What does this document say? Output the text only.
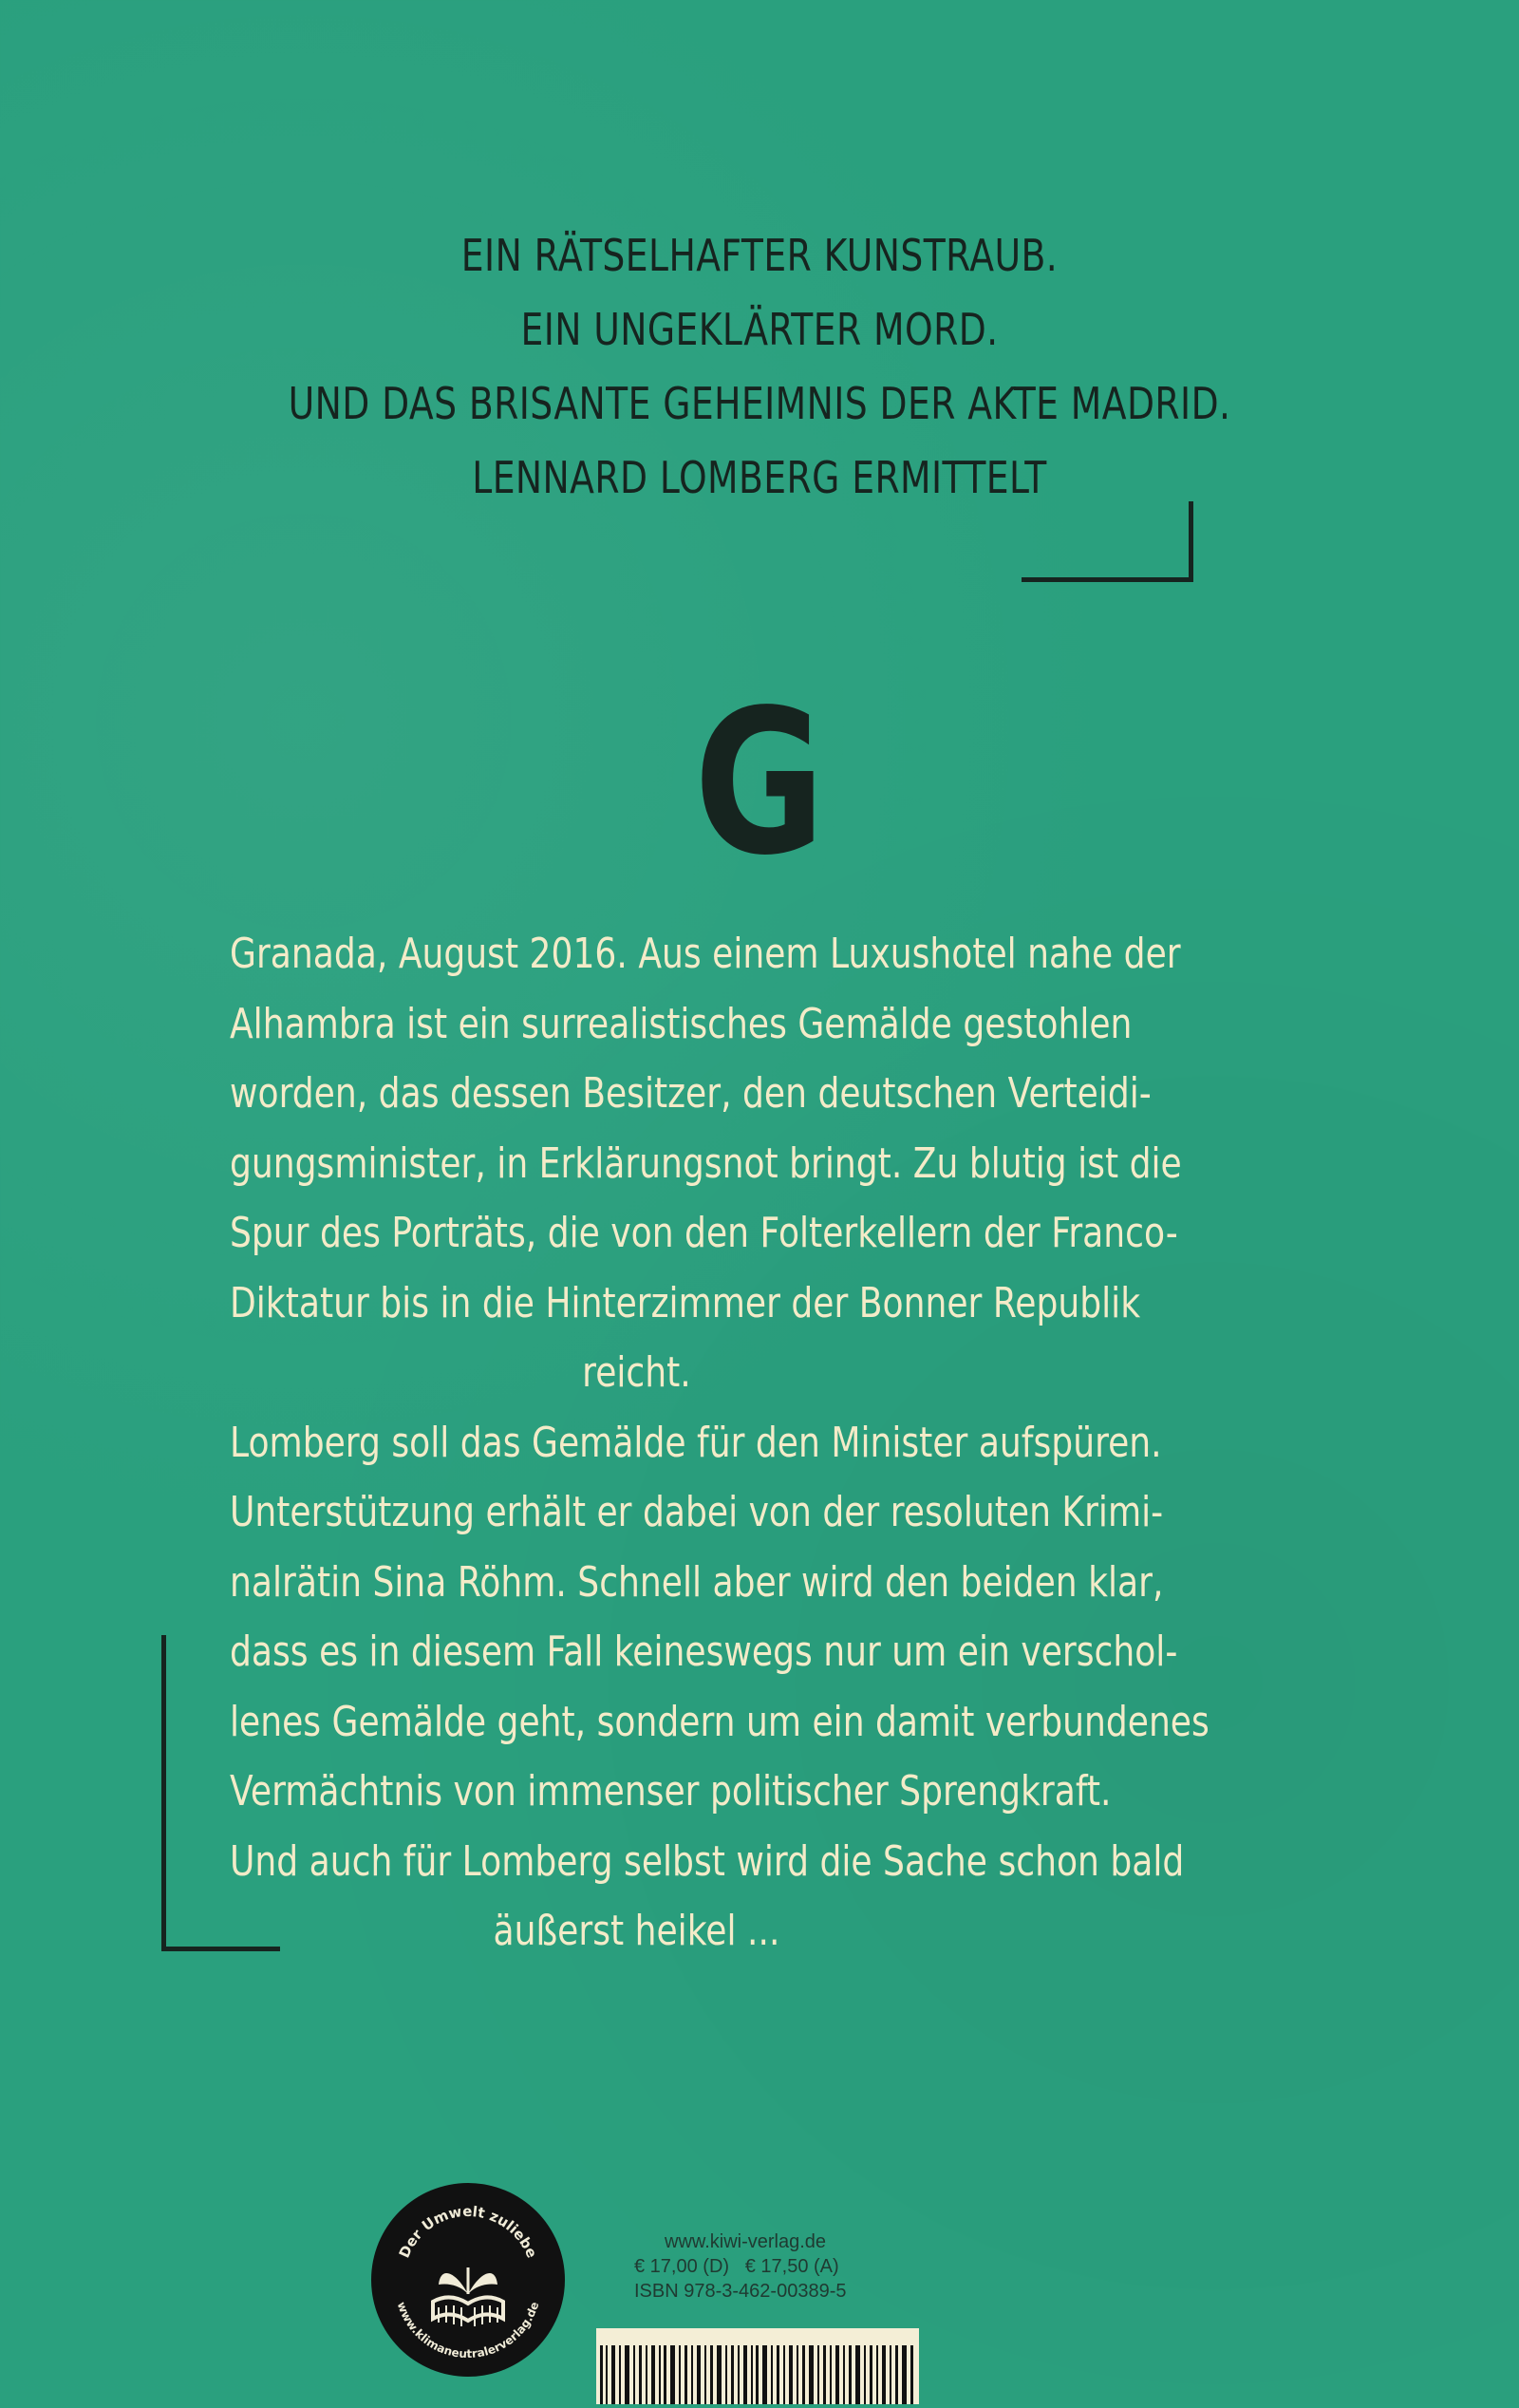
EIN RÄTSELHAFTER KUNSTRAUB.
EIN UNGEKLÄRTER MORD.
UND DAS BRISANTE GEHEIMNIS DER AKTE MADRID.
LENNARD LOMBERG ERMITTELT
G
Granada, August 2016. Aus einem Luxushotel nahe der
Alhambra ist ein surrealistisches Gemälde gestohlen
worden, das dessen Besitzer, den deutschen Verteidi-
gungsminister, in Erklärungsnot bringt. Zu blutig ist die
Spur des Porträts, die von den Folterkellern der Franco-
Diktatur bis in die Hinterzimmer der Bonner Republik
reicht.
Lomberg soll das Gemälde für den Minister aufspüren.
Unterstützung erhält er dabei von der resoluten Krimi-
nalrätin Sina Röhm. Schnell aber wird den beiden klar,
dass es in diesem Fall keineswegs nur um ein verschol-
lenes Gemälde geht, sondern um ein damit verbundenes
Vermächtnis von immenser politischer Sprengkraft.
Und auch für Lomberg selbst wird die Sache schon bald
äußerst heikel ...
Der Umwelt zuliebe
www.klimaneutralerverlag.de
www.kiwi-verlag.de
€ 17,00 (D)   € 17,50 (A)
ISBN 978-3-462-00389-5
